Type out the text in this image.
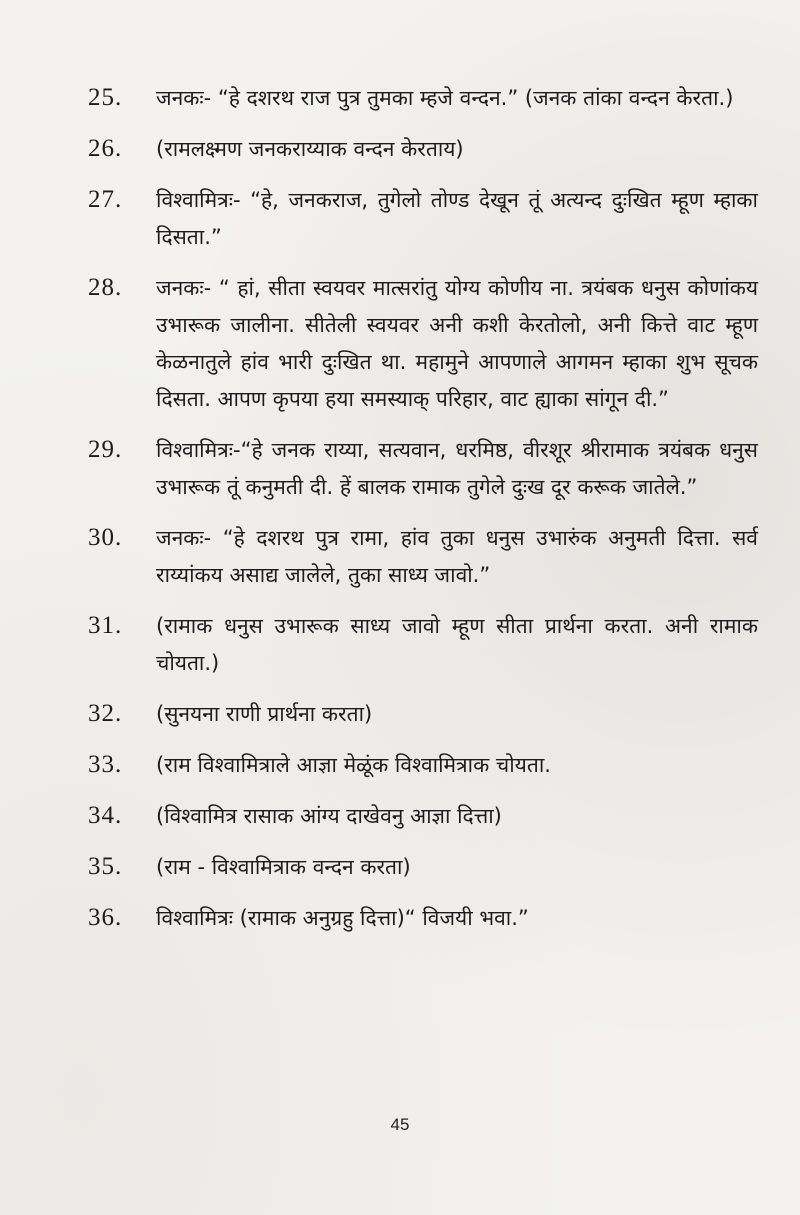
25.	जनकः- “हे दशरथ राज पुत्र तुमका म्हजे वन्दन.” (जनक तांका वन्दन केरता.)
26.	(रामलक्ष्मण जनकराय्याक वन्दन केरताय)
27.	विश्वामित्रः- “हे, जनकराज, तुगेलो तोण्ड देखून तूं अत्यन्द दुःखित म्हूण म्हाका दिसता.”
28.	जनकः- “ हां, सीता स्वयवर मात्सरांतु योग्य कोणीय ना. त्रयंबक धनुस कोणांकय उभारूक जालीना. सीतेली स्वयवर अनी कशी केरतोलो, अनी कित्ते वाट म्हूण केळनातुले हांव भारी दुःखित था. महामुने आपणाले आगमन म्हाका शुभ सूचक दिसता. आपण कृपया हया समस्याक् परिहार, वाट ह्याका सांगून दी.”
29.	विश्वामित्रः-“हे जनक राय्या, सत्यवान, धरमिष्ठ, वीरशूर श्रीरामाक त्रयंबक धनुस उभारूक तूं कनुमती दी. हें बालक रामाक तुगेले दुःख दूर करूक जातेले.”
30.	जनकः- “हे दशरथ पुत्र रामा, हांव तुका धनुस उभारुंक अनुमती दित्ता. सर्व राय्यांकय असाद्य जालेले, तुका साध्य जावो.”
31.	(रामाक धनुस उभारूक साध्य जावो म्हूण सीता प्रार्थना करता. अनी रामाक चोयता.)
32.	(सुनयना राणी प्रार्थना करता)
33.	(राम विश्वामित्राले आज्ञा मेळूंक विश्वामित्राक चोयता.
34.	(विश्वामित्र रासाक आंग्य दाखेवनु आज्ञा दित्ता)
35.	(राम - विश्वामित्राक वन्दन करता)
36.	विश्वामित्रः (रामाक अनुग्रहु दित्ता)“ विजयी भवा.”
45
